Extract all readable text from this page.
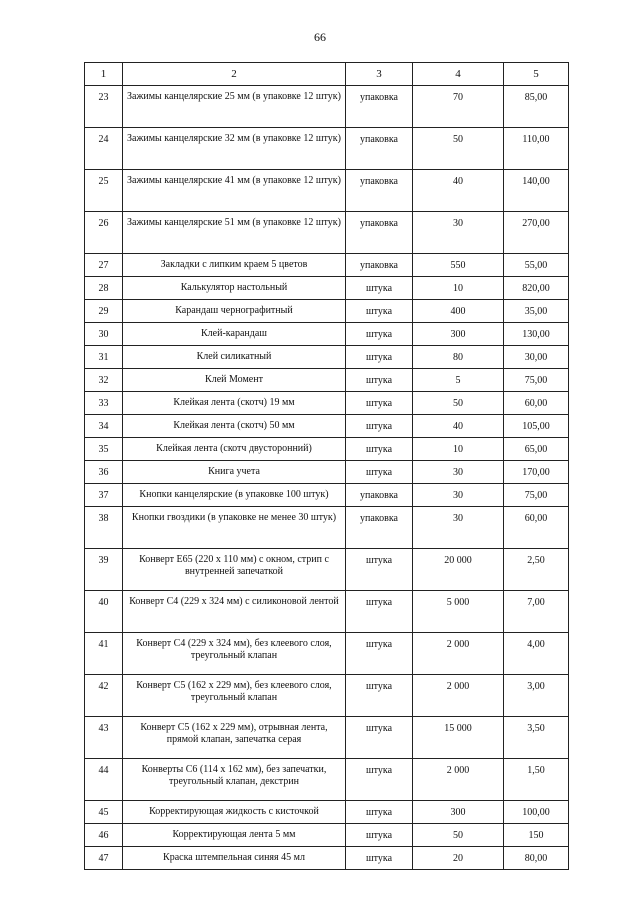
66
1	2	3	4	5
23	Зажимы канцелярские 25 мм (в упаковке 12 штук)	упаковка	70	85,00
24	Зажимы канцелярские 32 мм (в упаковке 12 штук)	упаковка	50	110,00
25	Зажимы канцелярские 41 мм (в упаковке 12 штук)	упаковка	40	140,00
26	Зажимы канцелярские 51 мм (в упаковке 12 штук)	упаковка	30	270,00
27	Закладки с липким краем 5 цветов	упаковка	550	55,00
28	Калькулятор настольный	штука	10	820,00
29	Карандаш чернографитный	штука	400	35,00
30	Клей-карандаш	штука	300	130,00
31	Клей силикатный	штука	80	30,00
32	Клей Момент	штука	5	75,00
33	Клейкая лента (скотч) 19 мм	штука	50	60,00
34	Клейкая лента (скотч) 50 мм	штука	40	105,00
35	Клейкая лента (скотч двусторонний)	штука	10	65,00
36	Книга учета	штука	30	170,00
37	Кнопки канцелярские (в упаковке 100 штук)	упаковка	30	75,00
38	Кнопки гвоздики (в упаковке не менее 30 штук)	упаковка	30	60,00
39	Конверт Е65 (220 х 110 мм) с окном, стрип с внутренней запечаткой	штука	20 000	2,50
40	Конверт С4 (229 х 324 мм) с силиконовой лентой	штука	5 000	7,00
41	Конверт С4 (229 х 324 мм), без клеевого слоя, треугольный клапан	штука	2 000	4,00
42	Конверт С5 (162 х 229 мм), без клеевого слоя, треугольный клапан	штука	2 000	3,00
43	Конверт С5 (162 х 229 мм), отрывная лента, прямой клапан, запечатка серая	штука	15 000	3,50
44	Конверты С6 (114 х 162 мм), без запечатки, треугольный клапан, декстрин	штука	2 000	1,50
45	Корректирующая жидкость с кисточкой	штука	300	100,00
46	Корректирующая лента 5 мм	штука	50	150
47	Краска штемпельная синяя 45 мл	штука	20	80,00
